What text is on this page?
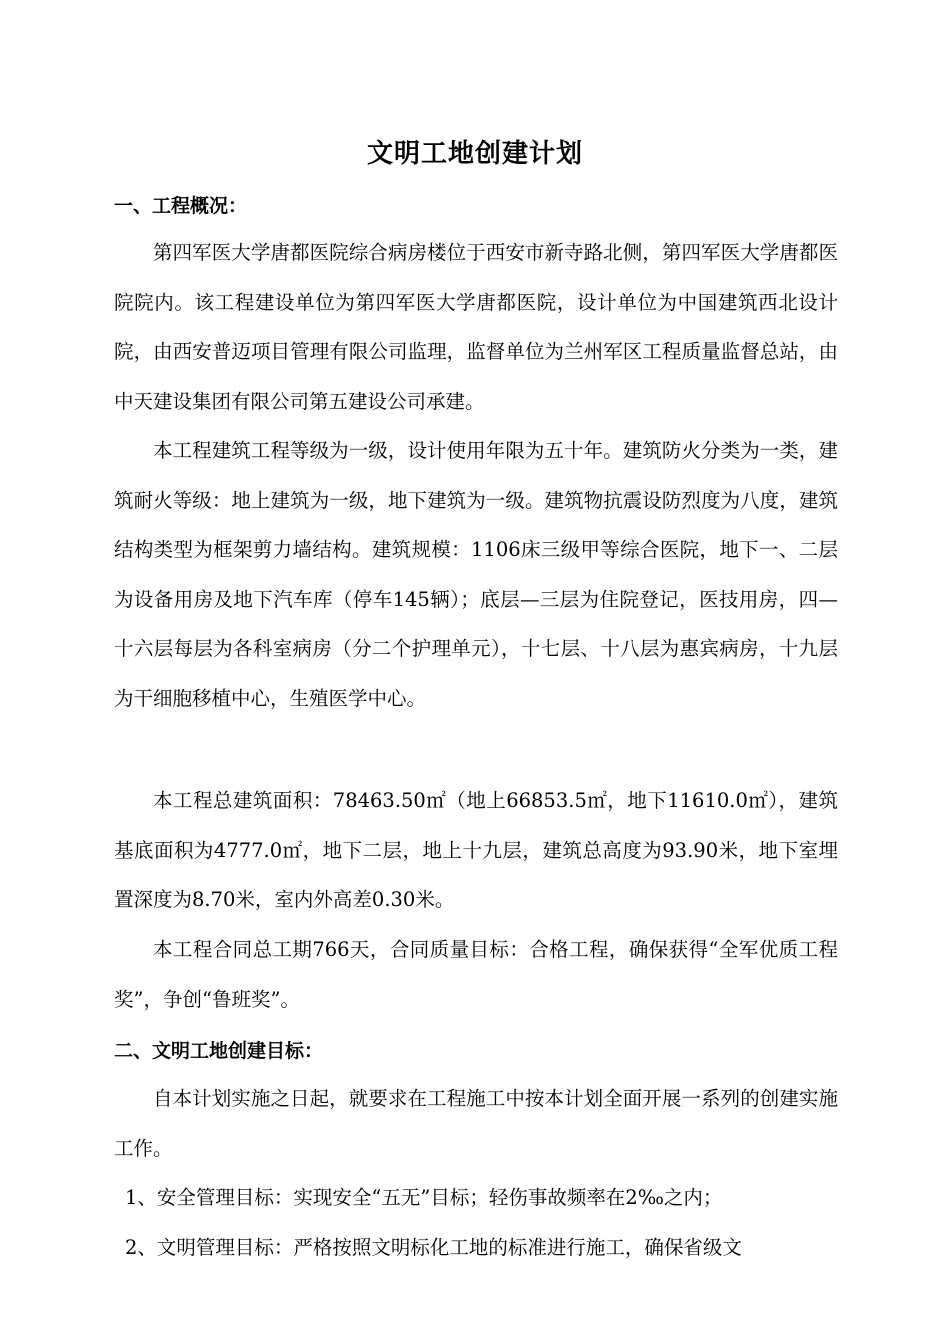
文明工地创建计划
一、工程概况：
第四军医大学唐都医院综合病房楼位于西安市新寺路北侧，第四军医大学唐都医院院内。该工程建设单位为第四军医大学唐都医院，设计单位为中国建筑西北设计院，由西安普迈项目管理有限公司监理，监督单位为兰州军区工程质量监督总站，由中天建设集团有限公司第五建设公司承建。
本工程建筑工程等级为一级，设计使用年限为五十年。建筑防火分类为一类，建筑耐火等级：地上建筑为一级，地下建筑为一级。建筑物抗震设防烈度为八度，建筑结构类型为框架剪力墙结构。建筑规模：1106床三级甲等综合医院，地下一、二层为设备用房及地下汽车库（停车145辆）；底层—三层为住院登记，医技用房，四—十六层每层为各科室病房（分二个护理单元），十七层、十八层为惠宾病房，十九层为干细胞移植中心，生殖医学中心。
本工程总建筑面积：78463.50㎡（地上66853.5㎡，地下11610.0㎡），建筑基底面积为4777.0㎡，地下二层，地上十九层，建筑总高度为93.90米，地下室埋置深度为8.70米，室内外高差0.30米。
本工程合同总工期766天，合同质量目标：合格工程，确保获得“全军优质工程奖”，争创“鲁班奖”。
二、文明工地创建目标：
自本计划实施之日起，就要求在工程施工中按本计划全面开展一系列的创建实施工作。
1、安全管理目标：实现安全“五无”目标；轻伤事故频率在2‰之内；
2、文明管理目标：严格按照文明标化工地的标准进行施工，确保省级文
